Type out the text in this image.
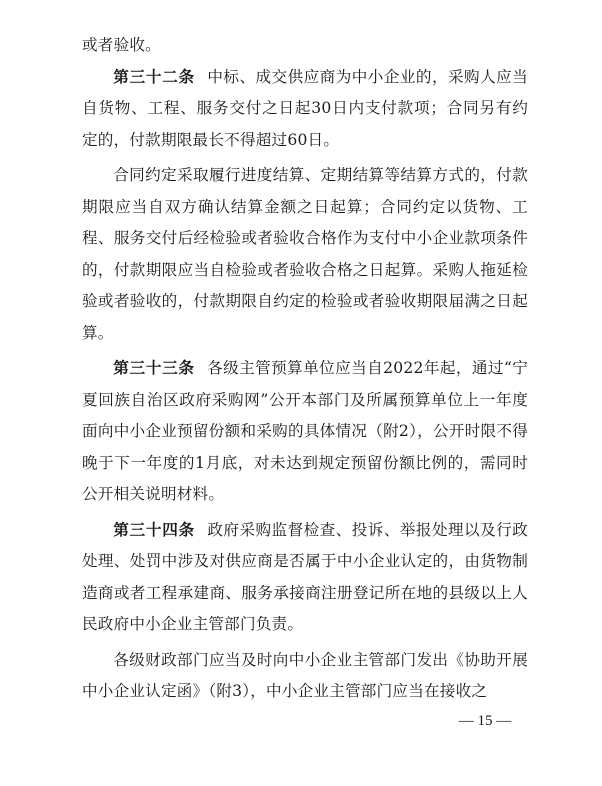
或者验收。

第三十二条 中标、成交供应商为中小企业的，采购人应当自货物、工程、服务交付之日起30日内支付款项；合同另有约定的，付款期限最长不得超过60日。

合同约定采取履行进度结算、定期结算等结算方式的，付款期限应当自双方确认结算金额之日起算；合同约定以货物、工程、服务交付后经检验或者验收合格作为支付中小企业款项条件的，付款期限应当自检验或者验收合格之日起算。采购人拖延检验或者验收的，付款期限自约定的检验或者验收期限届满之日起算。

第三十三条 各级主管预算单位应当自2022年起，通过“宁夏回族自治区政府采购网”公开本部门及所属预算单位上一年度面向中小企业预留份额和采购的具体情况（附2），公开时限不得晚于下一年度的1月底，对未达到规定预留份额比例的，需同时公开相关说明材料。

第三十四条 政府采购监督检查、投诉、举报处理以及行政处理、处罚中涉及对供应商是否属于中小企业认定的，由货物制造商或者工程承建商、服务承接商注册登记所在地的县级以上人民政府中小企业主管部门负责。

各级财政部门应当及时向中小企业主管部门发出《协助开展中小企业认定函》（附3），中小企业主管部门应当在接收之

— 15 —
